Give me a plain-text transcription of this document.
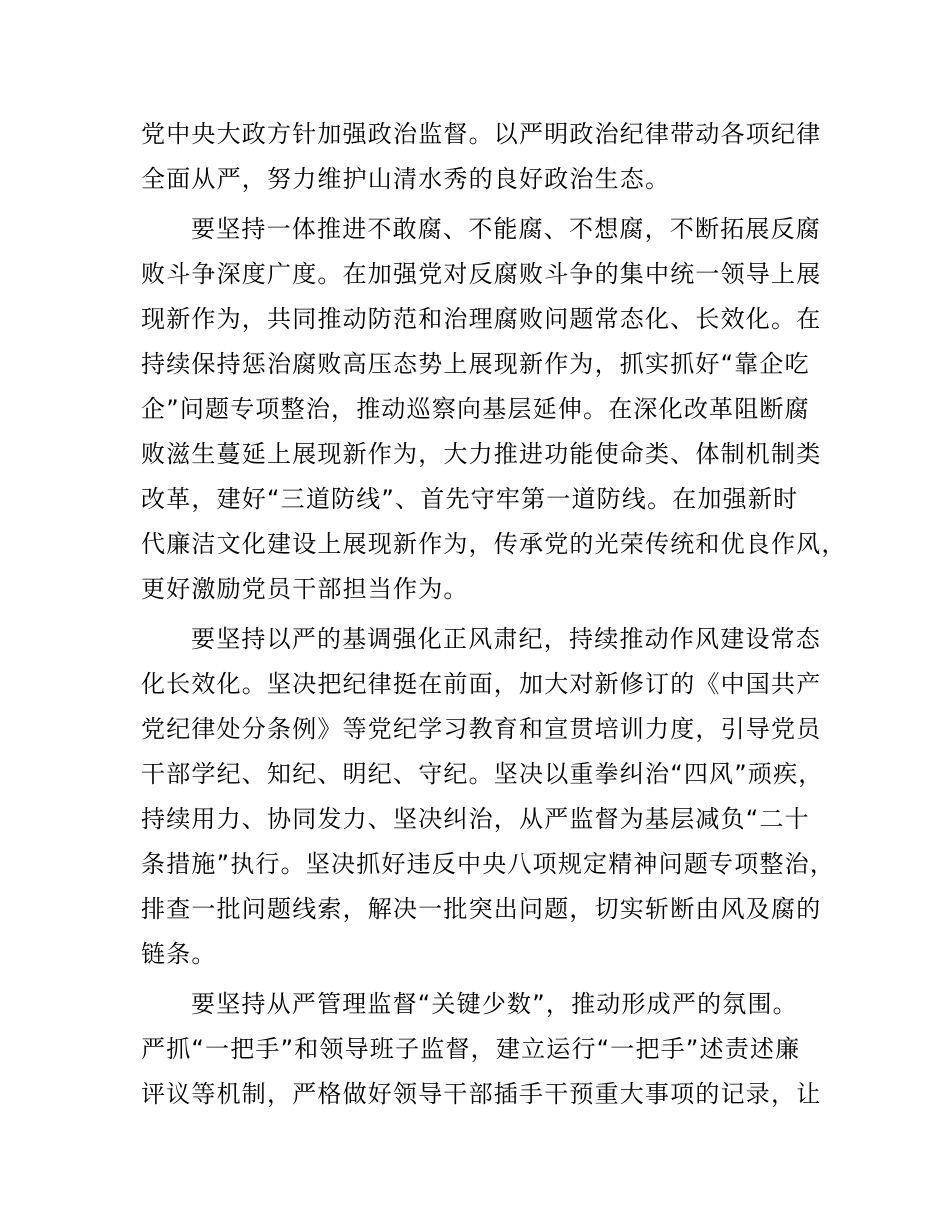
党中央大政方针加强政治监督。以严明政治纪律带动各项纪律
全面从严，努力维护山清水秀的良好政治生态。
要坚持一体推进不敢腐、不能腐、不想腐，不断拓展反腐
败斗争深度广度。在加强党对反腐败斗争的集中统一领导上展
现新作为，共同推动防范和治理腐败问题常态化、长效化。在
持续保持惩治腐败高压态势上展现新作为，抓实抓好“靠企吃
企”问题专项整治，推动巡察向基层延伸。在深化改革阻断腐
败滋生蔓延上展现新作为，大力推进功能使命类、体制机制类
改革，建好“三道防线”、首先守牢第一道防线。在加强新时
代廉洁文化建设上展现新作为，传承党的光荣传统和优良作风，
更好激励党员干部担当作为。
要坚持以严的基调强化正风肃纪，持续推动作风建设常态
化长效化。坚决把纪律挺在前面，加大对新修订的《中国共产
党纪律处分条例》等党纪学习教育和宣贯培训力度，引导党员
干部学纪、知纪、明纪、守纪。坚决以重拳纠治“四风”顽疾，
持续用力、协同发力、坚决纠治，从严监督为基层减负“二十
条措施”执行。坚决抓好违反中央八项规定精神问题专项整治，
排查一批问题线索，解决一批突出问题，切实斩断由风及腐的
链条。
要坚持从严管理监督“关键少数”，推动形成严的氛围。
严抓“一把手”和领导班子监督，建立运行“一把手”述责述廉
评议等机制，严格做好领导干部插手干预重大事项的记录，让
